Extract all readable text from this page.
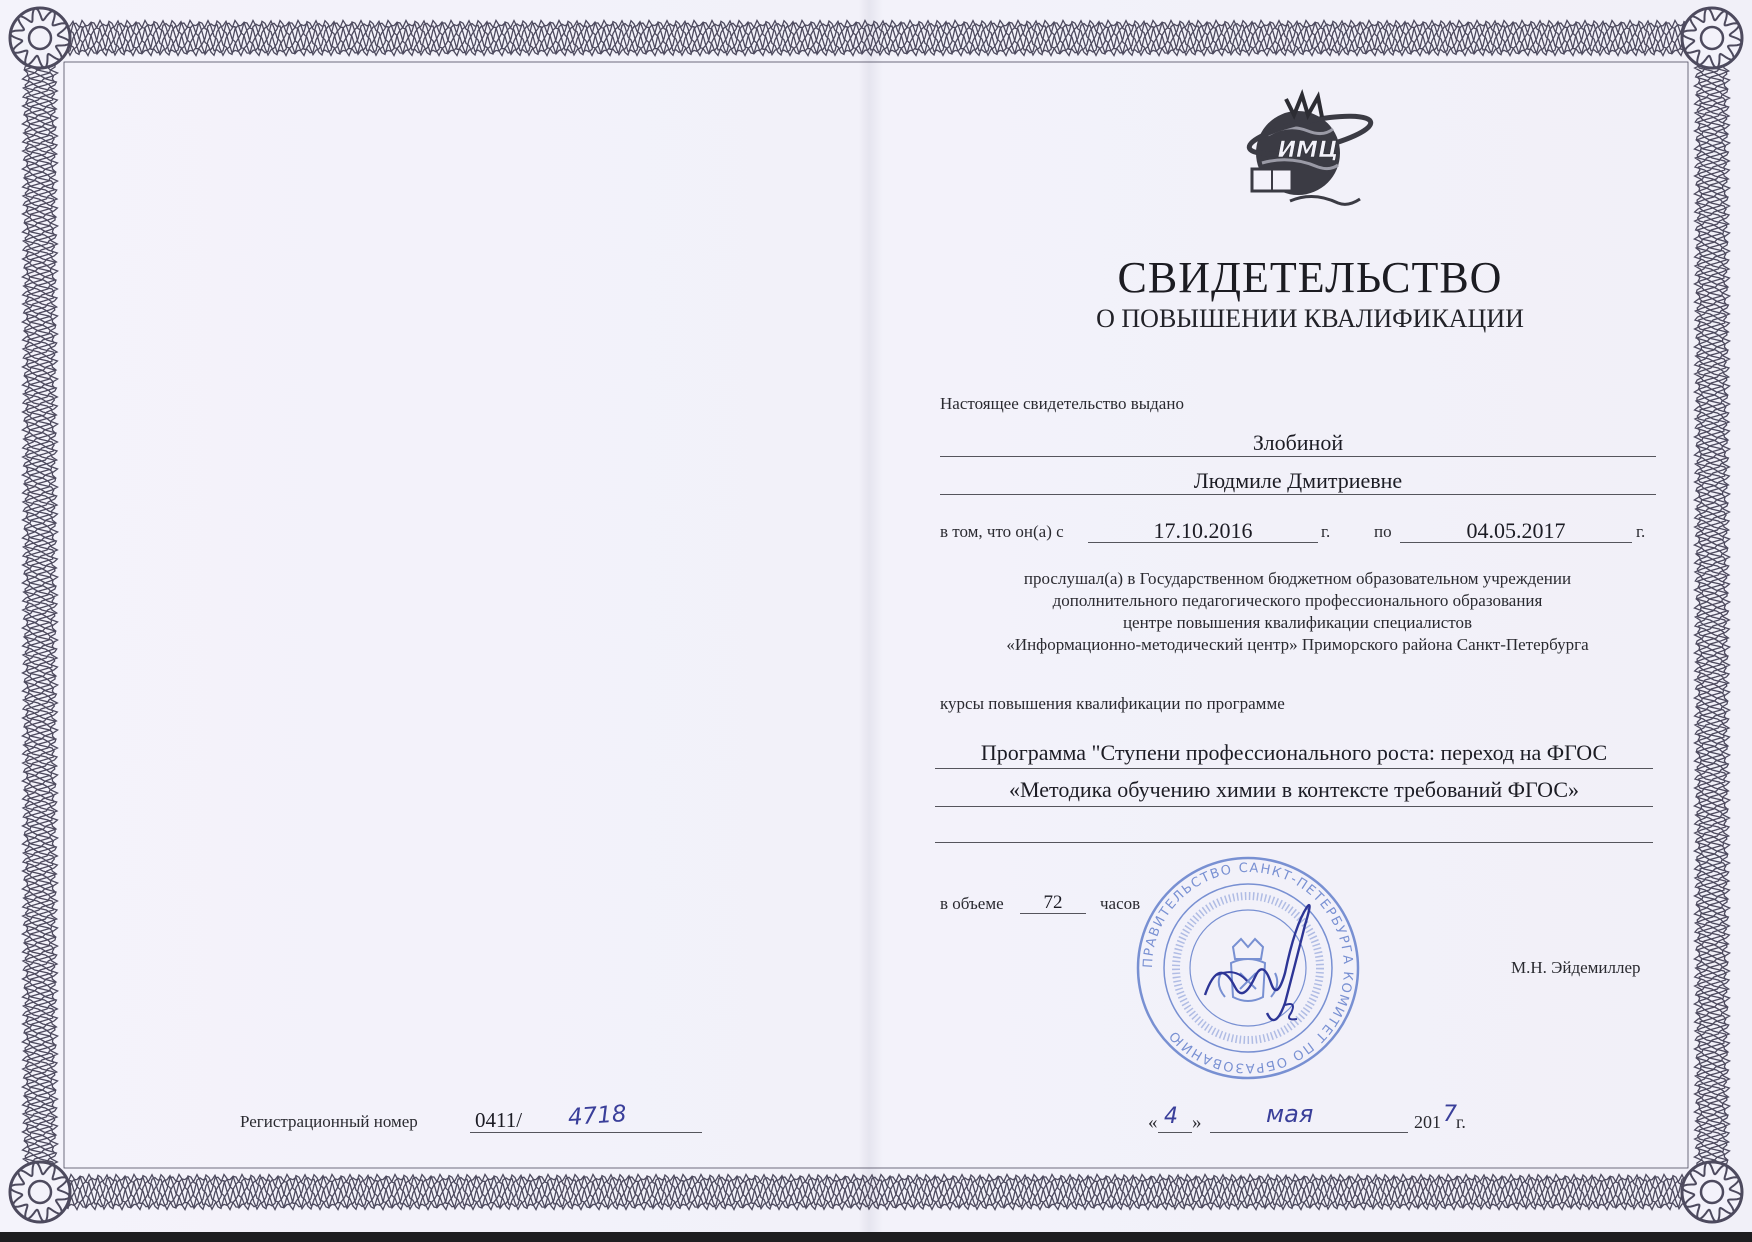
ИМЦ
СВИДЕТЕЛЬСТВО
О ПОВЫШЕНИИ КВАЛИФИКАЦИИ
Настоящее свидетельство выдано
Злобиной
Людмиле Дмитриевне
в том, что он(а) с	17.10.2016	г.	по	04.05.2017	г.
прослушал(а) в Государственном бюджетном образовательном учреждении
дополнительного педагогического профессионального образования
центре повышения квалификации специалистов
«Информационно-методический центр» Приморского района Санкт-Петербурга
курсы повышения квалификации по программе
Программа "Ступени профессионального роста: переход на ФГОС
«Методика обучению химии в контексте требований ФГОС»
в объеме	72	часов
ПРАВИТЕЛЬСТВО САНКТ-ПЕТЕРБУРГА КОМИТЕТ ПО ОБРАЗОВАНИЮ
М.Н. Эйдемиллер
Регистрационный номер	0411/ 4718	« 4 »	мая	201 7 г.
